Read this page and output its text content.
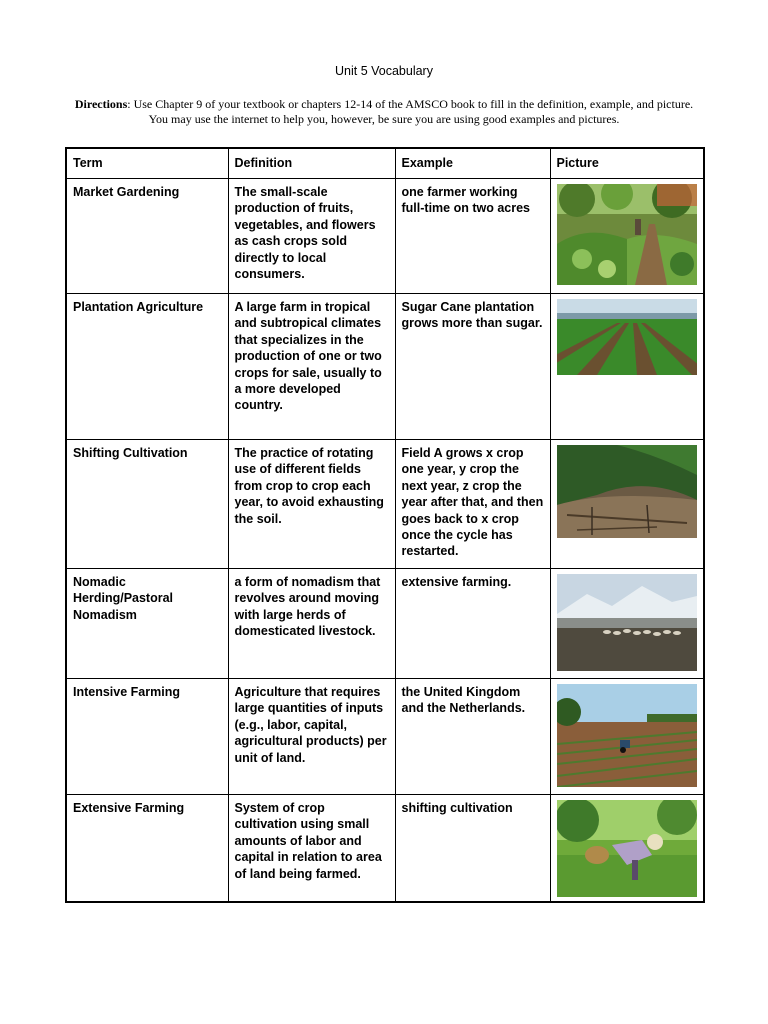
Unit 5 Vocabulary
Directions: Use Chapter 9 of your textbook or chapters 12-14 of the AMSCO book to fill in the definition, example, and picture.
You may use the internet to help you, however, be sure you are using good examples and pictures.
Term	Definition	Example	Picture
Market Gardening	The small-scale production of fruits, vegetables, and flowers as cash crops sold directly to local consumers.	one farmer working full-time on two acres	

Plantation Agriculture	A large farm in tropical and subtropical climates that specializes in the production of one or two crops for sale, usually to a more developed country.	Sugar Cane plantation grows more than sugar.	

Shifting Cultivation	The practice of rotating use of different fields from crop to crop each year, to avoid exhausting the soil.	Field A grows x crop one year, y crop the next year, z crop the year after that, and then goes back to x crop once the cycle has restarted.	

Nomadic Herding/Pastoral Nomadism	a form of nomadism that revolves around moving with large herds of domesticated livestock.	extensive farming.	

Intensive Farming	Agriculture that requires large quantities of inputs (e.g., labor, capital, agricultural products) per unit of land.	the United Kingdom and the Netherlands.	

Extensive Farming	System of crop cultivation using small amounts of labor and capital in relation to area of land being farmed.	shifting cultivation	
